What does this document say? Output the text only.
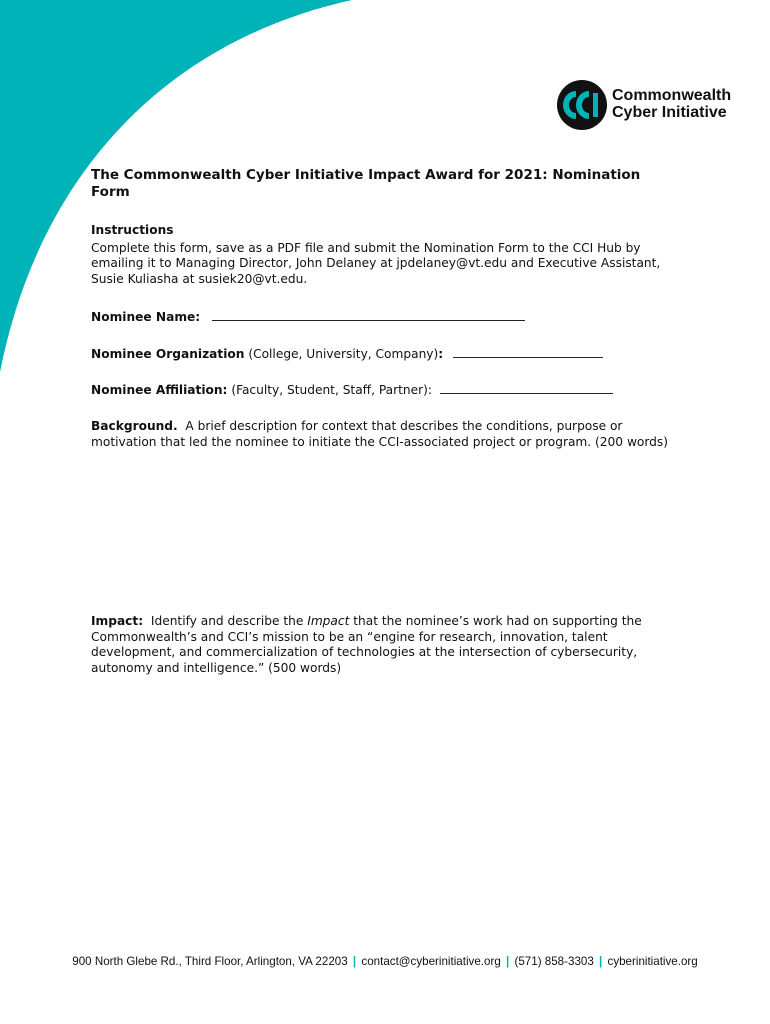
Commonwealth
Cyber Initiative
The Commonwealth Cyber Initiative Impact Award for 2021: Nomination Form
Instructions
Complete this form, save as a PDF file and submit the Nomination Form to the CCI Hub by emailing it to Managing Director, John Delaney at jpdelaney@vt.edu and Executive Assistant, Susie Kuliasha at susiek20@vt.edu.
Nominee Name:
Nominee Organization (College, University, Company):
Nominee Affiliation: (Faculty, Student, Staff, Partner):
Background. A brief description for context that describes the conditions, purpose or motivation that led the nominee to initiate the CCI-associated project or program. (200 words)
Impact: Identify and describe the Impact that the nominee’s work had on supporting the Commonwealth’s and CCI’s mission to be an “engine for research, innovation, talent development, and commercialization of technologies at the intersection of cybersecurity, autonomy and intelligence.” (500 words)
900 North Glebe Rd., Third Floor, Arlington, VA 22203 | contact@cyberinitiative.org | (571) 858-3303 | cyberinitiative.org
